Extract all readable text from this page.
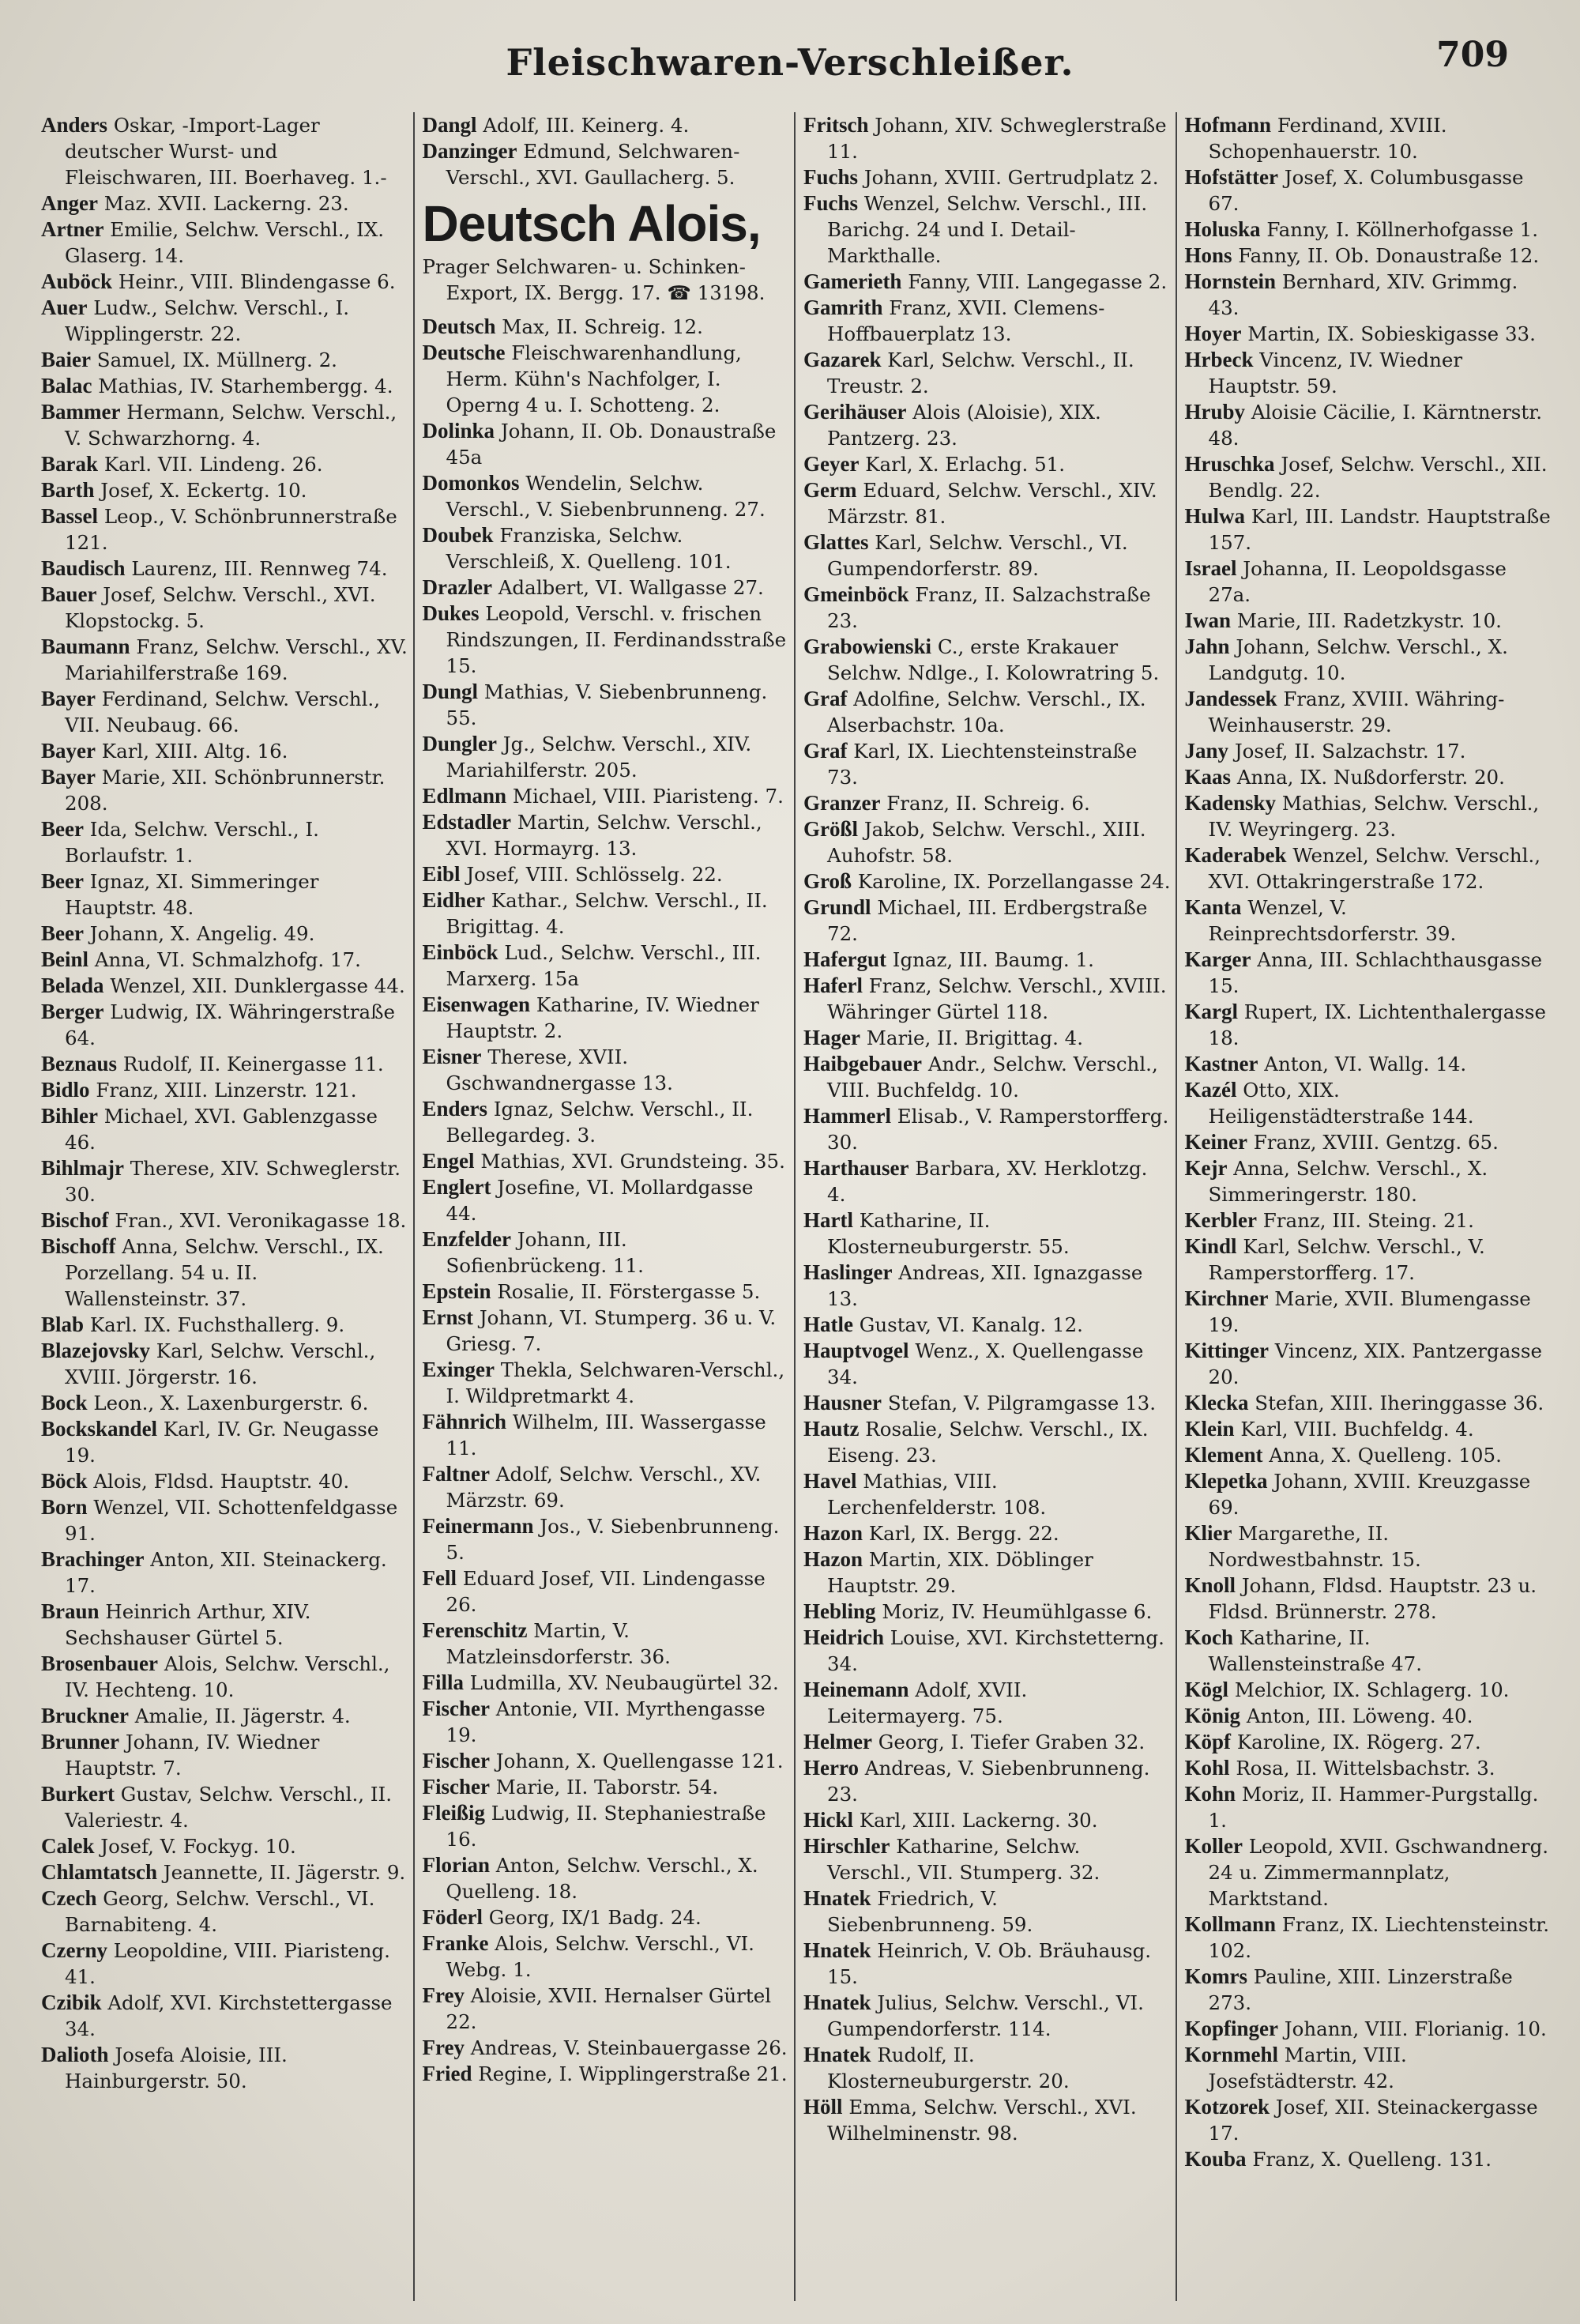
Fleischwaren-Verschleißer.	709

Anders Oskar, -Import-Lager deutscher Wurst- und Fleischwaren, III. Boerhaveg. 1.-

Anger Maz. XVII. Lackerng. 23.

Artner Emilie, Selchw. Verschl., IX. Glaserg. 14.

Auböck Heinr., VIII. Blindengasse 6.

Auer Ludw., Selchw. Verschl., I. Wipplingerstr. 22.

Baier Samuel, IX. Müllnerg. 2.

Balac Mathias, IV. Starhembergg. 4.

Bammer Hermann, Selchw. Verschl., V. Schwarzhorng. 4.

Barak Karl. VII. Lindeng. 26.

Barth Josef, X. Eckertg. 10.

Bassel Leop., V. Schönbrunnerstraße 121.

Baudisch Laurenz, III. Rennweg 74.

Bauer Josef, Selchw. Verschl., XVI. Klopstockg. 5.

Baumann Franz, Selchw. Verschl., XV. Mariahilferstraße 169.

Bayer Ferdinand, Selchw. Verschl., VII. Neubaug. 66.

Bayer Karl, XIII. Altg. 16.

Bayer Marie, XII. Schönbrunnerstr. 208.

Beer Ida, Selchw. Verschl., I. Borlaufstr. 1.

Beer Ignaz, XI. Simmeringer Hauptstr. 48.

Beer Johann, X. Angelig. 49.

Beinl Anna, VI. Schmalzhofg. 17.

Belada Wenzel, XII. Dunklergasse 44.

Berger Ludwig, IX. Währingerstraße 64.

Beznaus Rudolf, II. Keinergasse 11.

Bidlo Franz, XIII. Linzerstr. 121.

Bihler Michael, XVI. Gablenzgasse 46.

Bihlmajr Therese, XIV. Schweglerstr. 30.

Bischof Fran., XVI. Veronikagasse 18.

Bischoff Anna, Selchw. Verschl., IX. Porzellang. 54 u. II. Wallensteinstr. 37.

Blab Karl. IX. Fuchsthallerg. 9.

Blazejovsky Karl, Selchw. Verschl., XVIII. Jörgerstr. 16.

Bock Leon., X. Laxenburgerstr. 6.

Bockskandel Karl, IV. Gr. Neugasse 19.

Böck Alois, Fldsd. Hauptstr. 40.

Born Wenzel, VII. Schottenfeldgasse 91.

Brachinger Anton, XII. Steinackerg. 17.

Braun Heinrich Arthur, XIV. Sechshauser Gürtel 5.

Brosenbauer Alois, Selchw. Verschl., IV. Hechteng. 10.

Bruckner Amalie, II. Jägerstr. 4.

Brunner Johann, IV. Wiedner Hauptstr. 7.

Burkert Gustav, Selchw. Verschl., II. Valeriestr. 4.

Calek Josef, V. Fockyg. 10.

Chlamtatsch Jeannette, II. Jägerstr. 9.

Czech Georg, Selchw. Verschl., VI. Barnabiteng. 4.

Czerny Leopoldine, VIII. Piaristeng. 41.

Czibik Adolf, XVI. Kirchstettergasse 34.

Dalioth Josefa Aloisie, III. Hainburgerstr. 50.

Dangl Adolf, III. Keinerg. 4.

Danzinger Edmund, Selchwaren-Verschl., XVI. Gaullacherg. 5.

Deutsch Alois,
Prager Selchwaren- u. Schinken-Export, IX. Bergg. 17. ☎ 13198.

Deutsch Max, II. Schreig. 12.

Deutsche Fleischwarenhandlung, Herm. Kühn's Nachfolger, I. Operng 4 u. I. Schotteng. 2.

Dolinka Johann, II. Ob. Donaustraße 45a

Domonkos Wendelin, Selchw. Verschl., V. Siebenbrunneng. 27.

Doubek Franziska, Selchw. Verschleiß, X. Quelleng. 101.

Drazler Adalbert, VI. Wallgasse 27.

Dukes Leopold, Verschl. v. frischen Rindszungen, II. Ferdinandsstraße 15.

Dungl Mathias, V. Siebenbrunneng. 55.

Dungler Jg., Selchw. Verschl., XIV. Mariahilferstr. 205.

Edlmann Michael, VIII. Piaristeng. 7.

Edstadler Martin, Selchw. Verschl., XVI. Hormayrg. 13.

Eibl Josef, VIII. Schlösselg. 22.

Eidher Kathar., Selchw. Verschl., II. Brigittag. 4.

Einböck Lud., Selchw. Verschl., III. Marxerg. 15a

Eisenwagen Katharine, IV. Wiedner Hauptstr. 2.

Eisner Therese, XVII. Gschwandnergasse 13.

Enders Ignaz, Selchw. Verschl., II. Bellegardeg. 3.

Engel Mathias, XVI. Grundsteing. 35.

Englert Josefine, VI. Mollardgasse 44.

Enzfelder Johann, III. Sofienbrückeng. 11.

Epstein Rosalie, II. Förstergasse 5.

Ernst Johann, VI. Stumperg. 36 u. V. Griesg. 7.

Exinger Thekla, Selchwaren-Verschl., I. Wildpretmarkt 4.

Fähnrich Wilhelm, III. Wassergasse 11.

Faltner Adolf, Selchw. Verschl., XV. Märzstr. 69.

Feinermann Jos., V. Siebenbrunneng. 5.

Fell Eduard Josef, VII. Lindengasse 26.

Ferenschitz Martin, V. Matzleinsdorferstr. 36.

Filla Ludmilla, XV. Neubaugürtel 32.

Fischer Antonie, VII. Myrthengasse 19.

Fischer Johann, X. Quellengasse 121.

Fischer Marie, II. Taborstr. 54.

Fleißig Ludwig, II. Stephaniestraße 16.

Florian Anton, Selchw. Verschl., X. Quelleng. 18.

Föderl Georg, IX/1 Badg. 24.

Franke Alois, Selchw. Verschl., VI. Webg. 1.

Frey Aloisie, XVII. Hernalser Gürtel 22.

Frey Andreas, V. Steinbauergasse 26.

Fried Regine, I. Wipplingerstraße 21.

Fritsch Johann, XIV. Schweglerstraße 11.

Fuchs Johann, XVIII. Gertrudplatz 2.

Fuchs Wenzel, Selchw. Verschl., III. Barichg. 24 und I. Detail-Markthalle.

Gamerieth Fanny, VIII. Langegasse 2.

Gamrith Franz, XVII. Clemens-Hoffbauerplatz 13.

Gazarek Karl, Selchw. Verschl., II. Treustr. 2.

Gerihäuser Alois (Aloisie), XIX. Pantzerg. 23.

Geyer Karl, X. Erlachg. 51.

Germ Eduard, Selchw. Verschl., XIV. Märzstr. 81.

Glattes Karl, Selchw. Verschl., VI. Gumpendorferstr. 89.

Gmeinböck Franz, II. Salzachstraße 23.

Grabowienski C., erste Krakauer Selchw. Ndlge., I. Kolowratring 5.

Graf Adolfine, Selchw. Verschl., IX. Alserbachstr. 10a.

Graf Karl, IX. Liechtensteinstraße 73.

Granzer Franz, II. Schreig. 6.

Größl Jakob, Selchw. Verschl., XIII. Auhofstr. 58.

Groß Karoline, IX. Porzellangasse 24.

Grundl Michael, III. Erdbergstraße 72.

Hafergut Ignaz, III. Baumg. 1.

Haferl Franz, Selchw. Verschl., XVIII. Währinger Gürtel 118.

Hager Marie, II. Brigittag. 4.

Haibgebauer Andr., Selchw. Verschl., VIII. Buchfeldg. 10.

Hammerl Elisab., V. Ramperstorfferg. 30.

Harthauser Barbara, XV. Herklotzg. 4.

Hartl Katharine, II. Klosterneuburgerstr. 55.

Haslinger Andreas, XII. Ignazgasse 13.

Hatle Gustav, VI. Kanalg. 12.

Hauptvogel Wenz., X. Quellengasse 34.

Hausner Stefan, V. Pilgramgasse 13.

Hautz Rosalie, Selchw. Verschl., IX. Eiseng. 23.

Havel Mathias, VIII. Lerchenfelderstr. 108.

Hazon Karl, IX. Bergg. 22.

Hazon Martin, XIX. Döblinger Hauptstr. 29.

Hebling Moriz, IV. Heumühlgasse 6.

Heidrich Louise, XVI. Kirchstetterng. 34.

Heinemann Adolf, XVII. Leitermayerg. 75.

Helmer Georg, I. Tiefer Graben 32.

Herro Andreas, V. Siebenbrunneng. 23.

Hickl Karl, XIII. Lackerng. 30.

Hirschler Katharine, Selchw. Verschl., VII. Stumperg. 32.

Hnatek Friedrich, V. Siebenbrunneng. 59.

Hnatek Heinrich, V. Ob. Bräuhausg. 15.

Hnatek Julius, Selchw. Verschl., VI. Gumpendorferstr. 114.

Hnatek Rudolf, II. Klosterneuburgerstr. 20.

Höll Emma, Selchw. Verschl., XVI. Wilhelminenstr. 98.

Hofmann Ferdinand, XVIII. Schopenhauerstr. 10.

Hofstätter Josef, X. Columbusgasse 67.

Holuska Fanny, I. Köllnerhofgasse 1.

Hons Fanny, II. Ob. Donaustraße 12.

Hornstein Bernhard, XIV. Grimmg. 43.

Hoyer Martin, IX. Sobieskigasse 33.

Hrbeck Vincenz, IV. Wiedner Hauptstr. 59.

Hruby Aloisie Cäcilie, I. Kärntnerstr. 48.

Hruschka Josef, Selchw. Verschl., XII. Bendlg. 22.

Hulwa Karl, III. Landstr. Hauptstraße 157.

Israel Johanna, II. Leopoldsgasse 27a.

Iwan Marie, III. Radetzkystr. 10.

Jahn Johann, Selchw. Verschl., X. Landgutg. 10.

Jandessek Franz, XVIII. Währing-Weinhauserstr. 29.

Jany Josef, II. Salzachstr. 17.

Kaas Anna, IX. Nußdorferstr. 20.

Kadensky Mathias, Selchw. Verschl., IV. Weyringerg. 23.

Kaderabek Wenzel, Selchw. Verschl., XVI. Ottakringerstraße 172.

Kanta Wenzel, V. Reinprechtsdorferstr. 39.

Karger Anna, III. Schlachthausgasse 15.

Kargl Rupert, IX. Lichtenthalergasse 18.

Kastner Anton, VI. Wallg. 14.

Kazél Otto, XIX. Heiligenstädterstraße 144.

Keiner Franz, XVIII. Gentzg. 65.

Kejr Anna, Selchw. Verschl., X. Simmeringerstr. 180.

Kerbler Franz, III. Steing. 21.

Kindl Karl, Selchw. Verschl., V. Ramperstorfferg. 17.

Kirchner Marie, XVII. Blumengasse 19.

Kittinger Vincenz, XIX. Pantzergasse 20.

Klecka Stefan, XIII. Iheringgasse 36.

Klein Karl, VIII. Buchfeldg. 4.

Klement Anna, X. Quelleng. 105.

Klepetka Johann, XVIII. Kreuzgasse 69.

Klier Margarethe, II. Nordwestbahnstr. 15.

Knoll Johann, Fldsd. Hauptstr. 23 u. Fldsd. Brünnerstr. 278.

Koch Katharine, II. Wallensteinstraße 47.

Kögl Melchior, IX. Schlagerg. 10.

König Anton, III. Löweng. 40.

Köpf Karoline, IX. Rögerg. 27.

Kohl Rosa, II. Wittelsbachstr. 3.

Kohn Moriz, II. Hammer-Purgstallg. 1.

Koller Leopold, XVII. Gschwandnerg. 24 u. Zimmermannplatz, Marktstand.

Kollmann Franz, IX. Liechtensteinstr. 102.

Komrs Pauline, XIII. Linzerstraße 273.

Kopfinger Johann, VIII. Florianig. 10.

Kornmehl Martin, VIII. Josefstädterstr. 42.

Kotzorek Josef, XII. Steinackergasse 17.

Kouba Franz, X. Quelleng. 131.
